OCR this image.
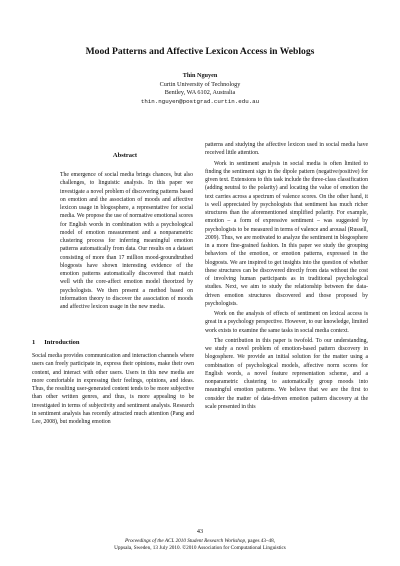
Mood Patterns and Affective Lexicon Access in Weblogs
Thin Nguyen
Curtin University of Technology
Bentley, WA 6102, Australia
thin.nguyen@postgrad.curtin.edu.au
Abstract

The emergence of social media brings chances, but also challenges, to linguistic analysis. In this paper we investigate a novel problem of discovering patterns based on emotion and the association of moods and affective lexicon usage in blogosphere, a representative for social media. We propose the use of normative emotional scores for English words in combination with a psychological model of emotion measurement and a nonparametric clustering process for inferring meaningful emotion patterns automatically from data. Our results on a dataset consisting of more than 17 million mood-groundtruthed blogposts have shown interesting evidence of the emotion patterns automatically discovered that match well with the core-affect emotion model theorized by psychologists. We then present a method based on information theory to discover the association of moods and affective lexicon usage in the new media.

1 Introduction

Social media provides communication and interaction channels where users can freely participate in, express their opinions, make their own content, and interact with other users. Users in this new media are more comfortable in expressing their feelings, opinions, and ideas. Thus, the resulting user-generated content tends to be more subjective than other written genres, and thus, is more appealing to be investigated in terms of subjectivity and sentiment analysis. Research in sentiment analysis has recently attracted much attention (Pang and Lee, 2008), but modeling emotion

patterns and studying the affective lexicon used in social media have received little attention.

Work in sentiment analysis in social media is often limited to finding the sentiment sign in the dipole pattern (negative/positive) for given text. Extensions to this task include the three-class classification (adding neutral to the polarity) and locating the value of emotion the text carries across a spectrum of valence scores. On the other hand, it is well appreciated by psychologists that sentiment has much richer structures than the aforementioned simplified polarity. For example, emotion – a form of expressive sentiment – was suggested by psychologists to be measured in terms of valence and arousal (Russell, 2009). Thus, we are motivated to analyze the sentiment in blogosphere in a more fine-grained fashion. In this paper we study the grouping behaviors of the emotion, or emotion patterns, expressed in the blogposts. We are inspired to get insights into the question of whether these structures can be discovered directly from data without the cost of involving human participants as in traditional psychological studies. Next, we aim to study the relationship between the data-driven emotion structures discovered and those proposed by psychologists.

Work on the analysis of effects of sentiment on lexical access is great in a psychology perspective. However, to our knowledge, limited work exists to examine the same tasks in social media context.

The contribution in this paper is twofold. To our understanding, we study a novel problem of emotion-based pattern discovery in blogosphere. We provide an initial solution for the matter using a combination of psychological models, affective norm scores for English words, a novel feature representation scheme, and a nonparametric clustering to automatically group moods into meaningful emotion patterns. We believe that we are the first to consider the matter of data-driven emotion pattern discovery at the scale presented in this

43
Proceedings of the ACL 2010 Student Research Workshop, pages 43–48,
Uppsala, Sweden, 13 July 2010. ©2010 Association for Computational Linguistics
